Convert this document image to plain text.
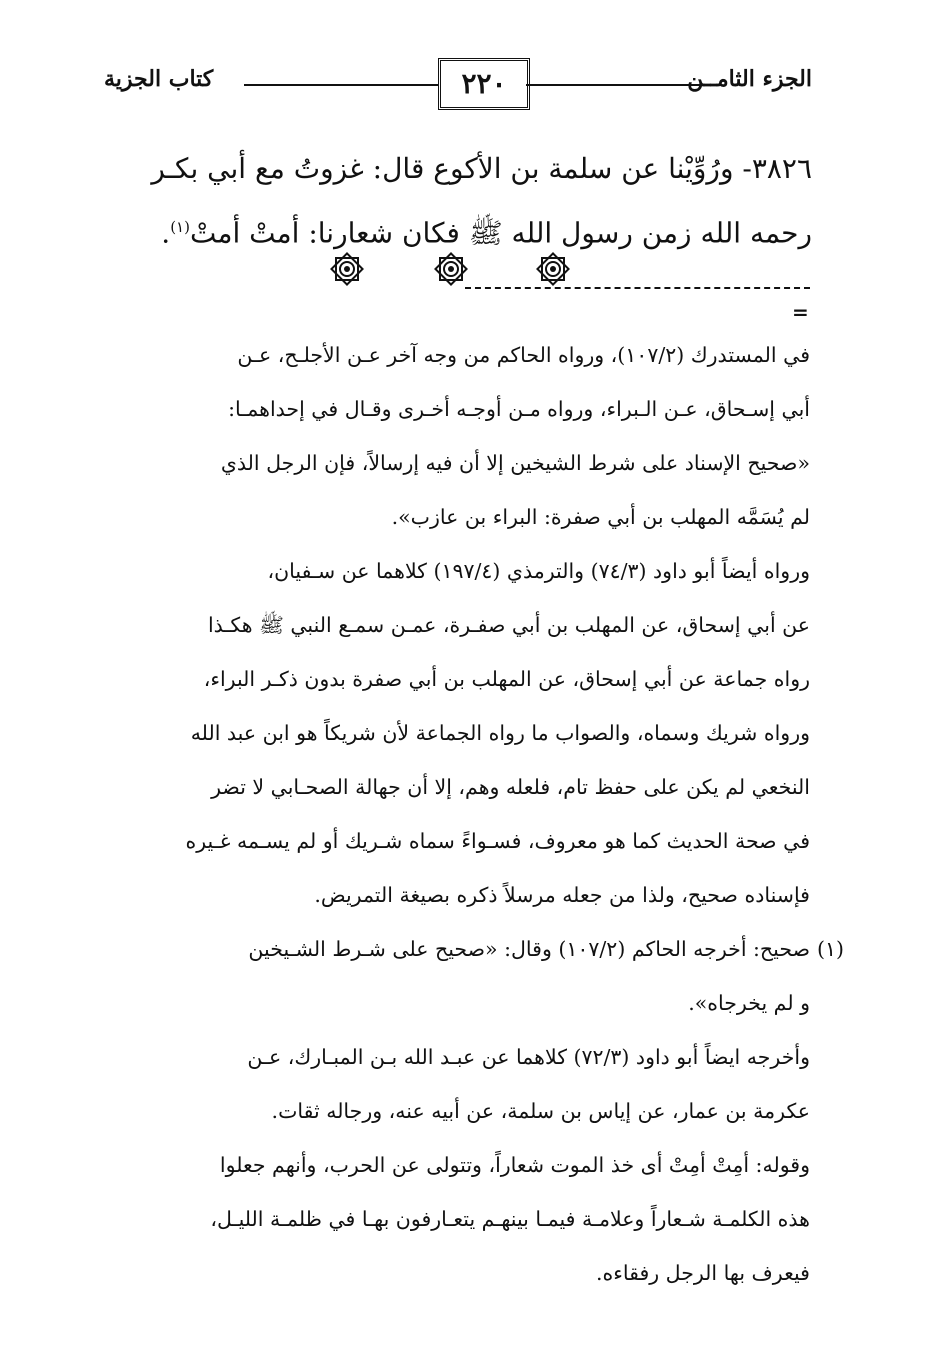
الجزء الثامــن
٢٢٠
كتاب الجزية
٣٨٢٦- ورُوِّيْنا عن سلمة بن الأكوع قال: غزوتُ مع أبي بكـر
رحمه الله زمن رسول الله ﷺ فكان شعارنا: أمتْ أمتْ$^{(١)}$.
=

في المستدرك (١٠٧/٢)، ورواه الحاكم من وجه آخر عـن الأجلـح، عـن

أبي إسـحاق، عـن الـبراء، ورواه مـن أوجـه أخـرى وقـال في إحداهمـا:

«صحيح الإسناد على شرط الشيخين إلا أن فيه إرسالاً، فإن الرجل الذي

لم يُسَمَّه المهلب بن أبي صفرة: البراء بن عازب».

ورواه أيضاً أبو داود (٧٤/٣) والترمذي (١٩٧/٤) كلاهما عن سـفيان،

عن أبي إسحاق، عن المهلب بن أبي صفـرة، عمـن سمـع النبي ﷺ هكـذا

رواه جماعة عن أبي إسحاق، عن المهلب بن أبي صفرة بدون ذكـر البراء،

ورواه شريك وسماه، والصواب ما رواه الجماعة لأن شريكاً هو ابن عبد الله

النخعي لم يكن على حفظ تام، فلعله وهم، إلا أن جهالة الصحـابي لا تضر

في صحة الحديث كما هو معروف، فسـواءً سماه شـريك أو لم يسـمه غـيره

فإسناده صحيح، ولذا من جعله مرسلاً ذكره بصيغة التمريض.

(١)
صحيح: أخرجه الحاكم (١٠٧/٢) وقال: «صحيح على شـرط الشـيخين

و لم يخرجاه».

وأخرجه ايضاً أبو داود (٧٢/٣) كلاهما عن عبـد الله بـن المبـارك، عـن

عكرمة بن عمار، عن إياس بن سلمة، عن أبيه عنه، ورجاله ثقات.

وقوله: أمِتْ أمِتْ أى خذ الموت شعاراً، وتتولى عن الحرب، وأنهم جعلوا

هذه الكلمـة شـعاراً وعلامـة فيمـا بينهـم يتعـارفون بهـا في ظلمـة الليـل،

فيعرف بها الرجل رفقاءه.
